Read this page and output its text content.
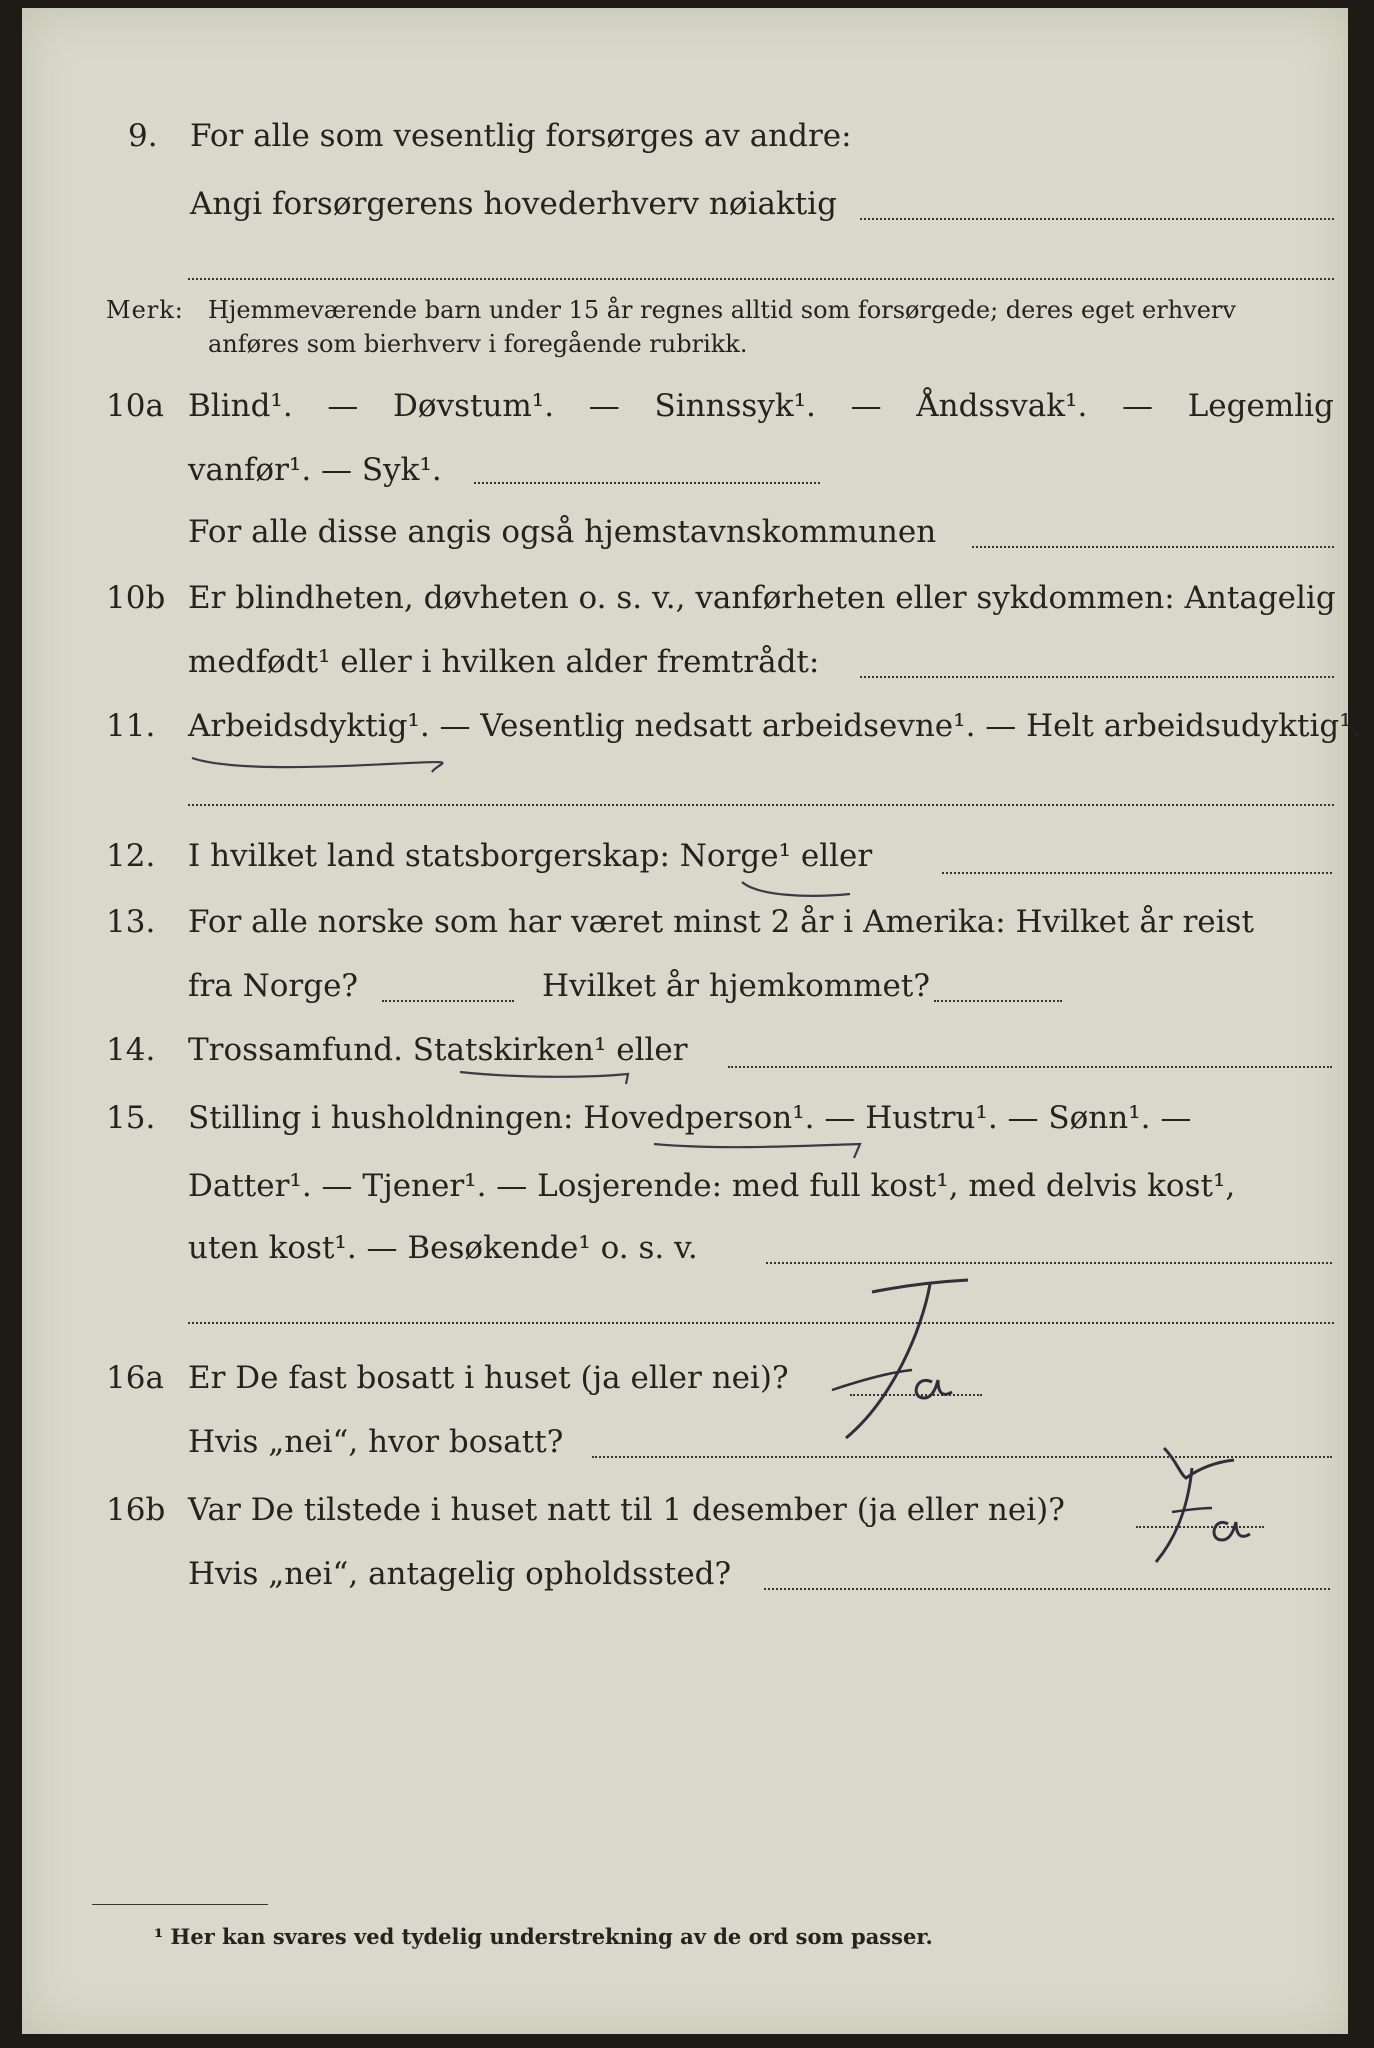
9. For alle som vesentlig forsørges av andre:
Angi forsørgerens hovederhverv nøiaktig
Merk: Hjemmeværende barn under 15 år regnes alltid som forsørgede; deres eget erhverv
anføres som bierhverv i foregående rubrikk.
10a Blind¹. — Døvstum¹. — Sinnssyk¹. — Åndssvak¹. — Legemlig
vanfør¹. — Syk¹.
For alle disse angis også hjemstavnskommunen
10b Er blindheten, døvheten o. s. v., vanførheten eller sykdommen: Antagelig
medfødt¹ eller i hvilken alder fremtrådt:
11. Arbeidsdyktig¹. — Vesentlig nedsatt arbeidsevne¹. — Helt arbeidsudyktig¹.
12. I hvilket land statsborgerskap: Norge¹ eller
13. For alle norske som har været minst 2 år i Amerika: Hvilket år reist
fra Norge?	Hvilket år hjemkommet?
14. Trossamfund. Statskirken¹ eller
15. Stilling i husholdningen: Hovedperson¹. — Hustru¹. — Sønn¹. —
Datter¹. — Tjener¹. — Losjerende: med full kost¹, med delvis kost¹,
uten kost¹. — Besøkende¹ o. s. v.
16a Er De fast bosatt i huset (ja eller nei)?
Ja
Hvis „nei“, hvor bosatt?
16b Var De tilstede i huset natt til 1 desember (ja eller nei)?
Ja
Hvis „nei“, antagelig opholdssted?
¹ Her kan svares ved tydelig understrekning av de ord som passer.
